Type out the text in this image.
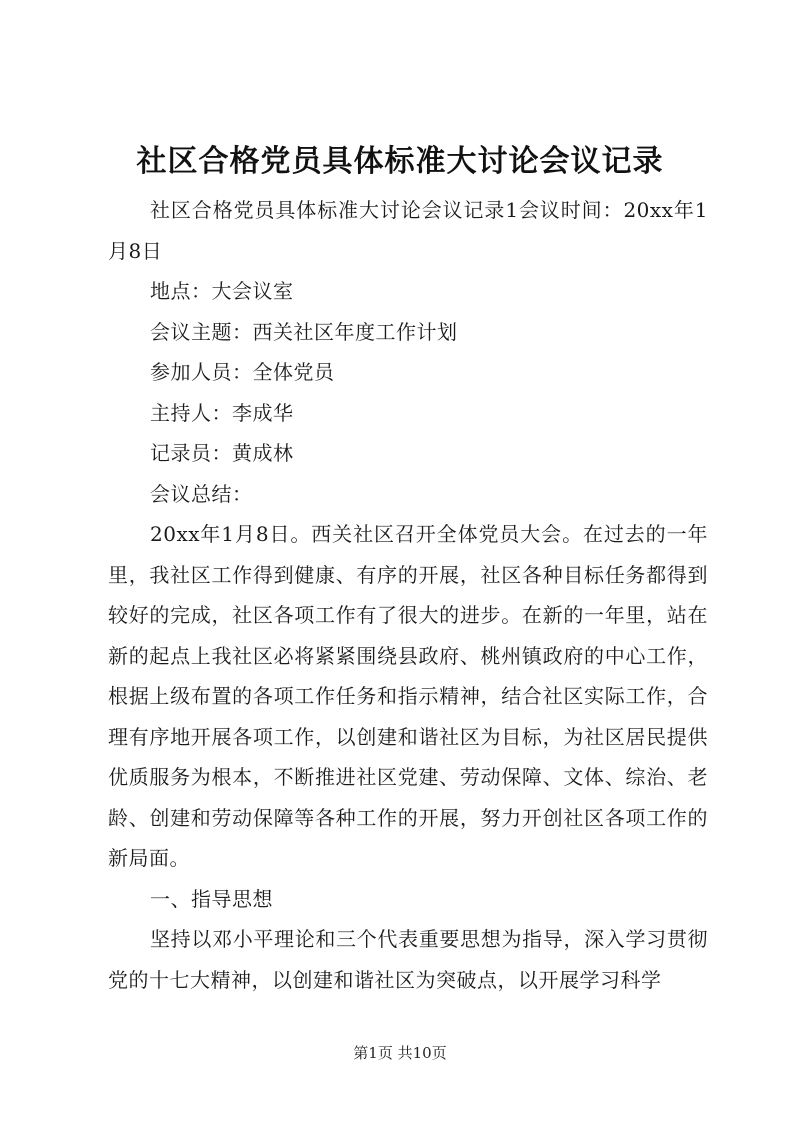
社区合格党员具体标准大讨论会议记录

社区合格党员具体标准大讨论会议记录1会议时间：20xx年1月8日

地点：大会议室

会议主题：西关社区年度工作计划

参加人员：全体党员

主持人：李成华

记录员：黄成林

会议总结：

20xx年1月8日。西关社区召开全体党员大会。在过去的一年里，我社区工作得到健康、有序的开展，社区各种目标任务都得到较好的完成，社区各项工作有了很大的进步。在新的一年里，站在新的起点上我社区必将紧紧围绕县政府、桃州镇政府的中心工作，根据上级布置的各项工作任务和指示精神，结合社区实际工作，合理有序地开展各项工作，以创建和谐社区为目标，为社区居民提供优质服务为根本，不断推进社区党建、劳动保障、文体、综治、老龄、创建和劳动保障等各种工作的开展，努力开创社区各项工作的新局面。

一、指导思想

坚持以邓小平理论和三个代表重要思想为指导，深入学习贯彻党的十七大精神，以创建和谐社区为突破点，以开展学习科学

第1页 共10页
